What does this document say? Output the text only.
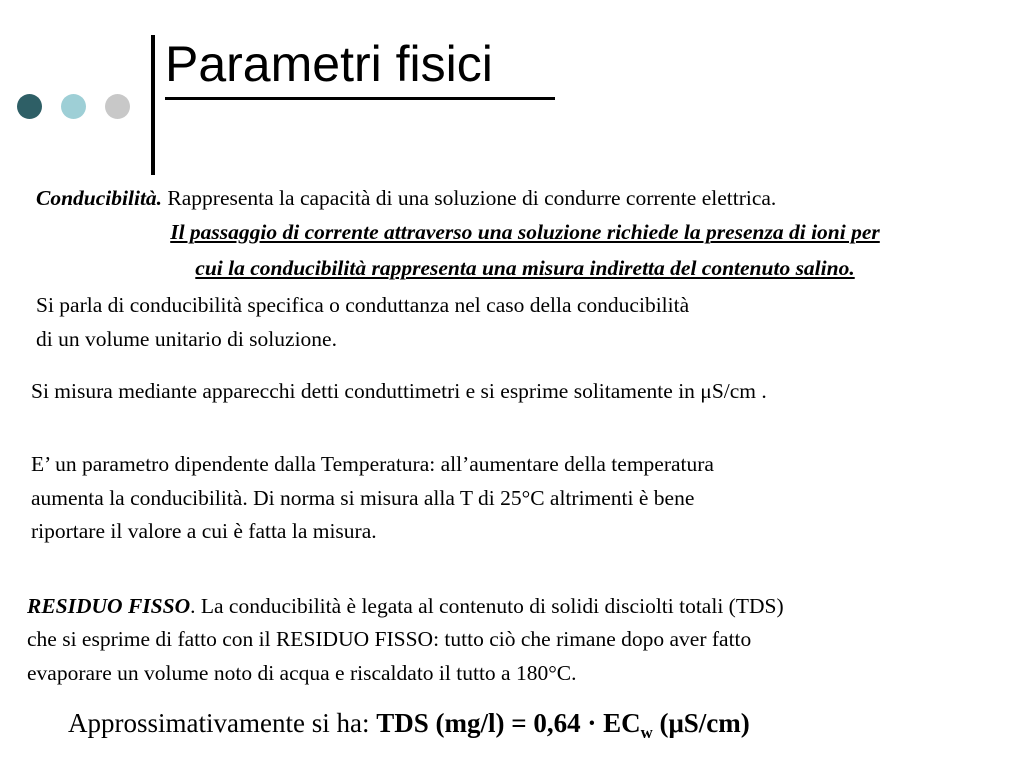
Parametri fisici
Conducibilità. Rappresenta la capacità di una soluzione di condurre corrente elettrica.
Il passaggio di corrente attraverso una soluzione richiede la presenza di ioni per
cui la conducibilità rappresenta una misura indiretta del contenuto salino.
Si parla di conducibilità specifica o conduttanza nel caso della conducibilità
di un volume unitario di soluzione.
Si misura mediante apparecchi detti conduttimetri e si esprime solitamente in μS/cm .
E’ un parametro dipendente dalla Temperatura: all’aumentare della temperatura
aumenta la conducibilità. Di norma si misura alla T di 25°C altrimenti è bene
riportare il valore a cui è fatta la misura.
RESIDUO FISSO. La conducibilità è legata al contenuto di solidi disciolti totali (TDS)
che si esprime di fatto con il RESIDUO FISSO: tutto ciò che rimane dopo aver fatto
evaporare un volume noto di acqua e riscaldato il tutto a 180°C.
Approssimativamente si ha: TDS $(mg/l) = 0,64 \cdot EC_w$ (μS/cm)
